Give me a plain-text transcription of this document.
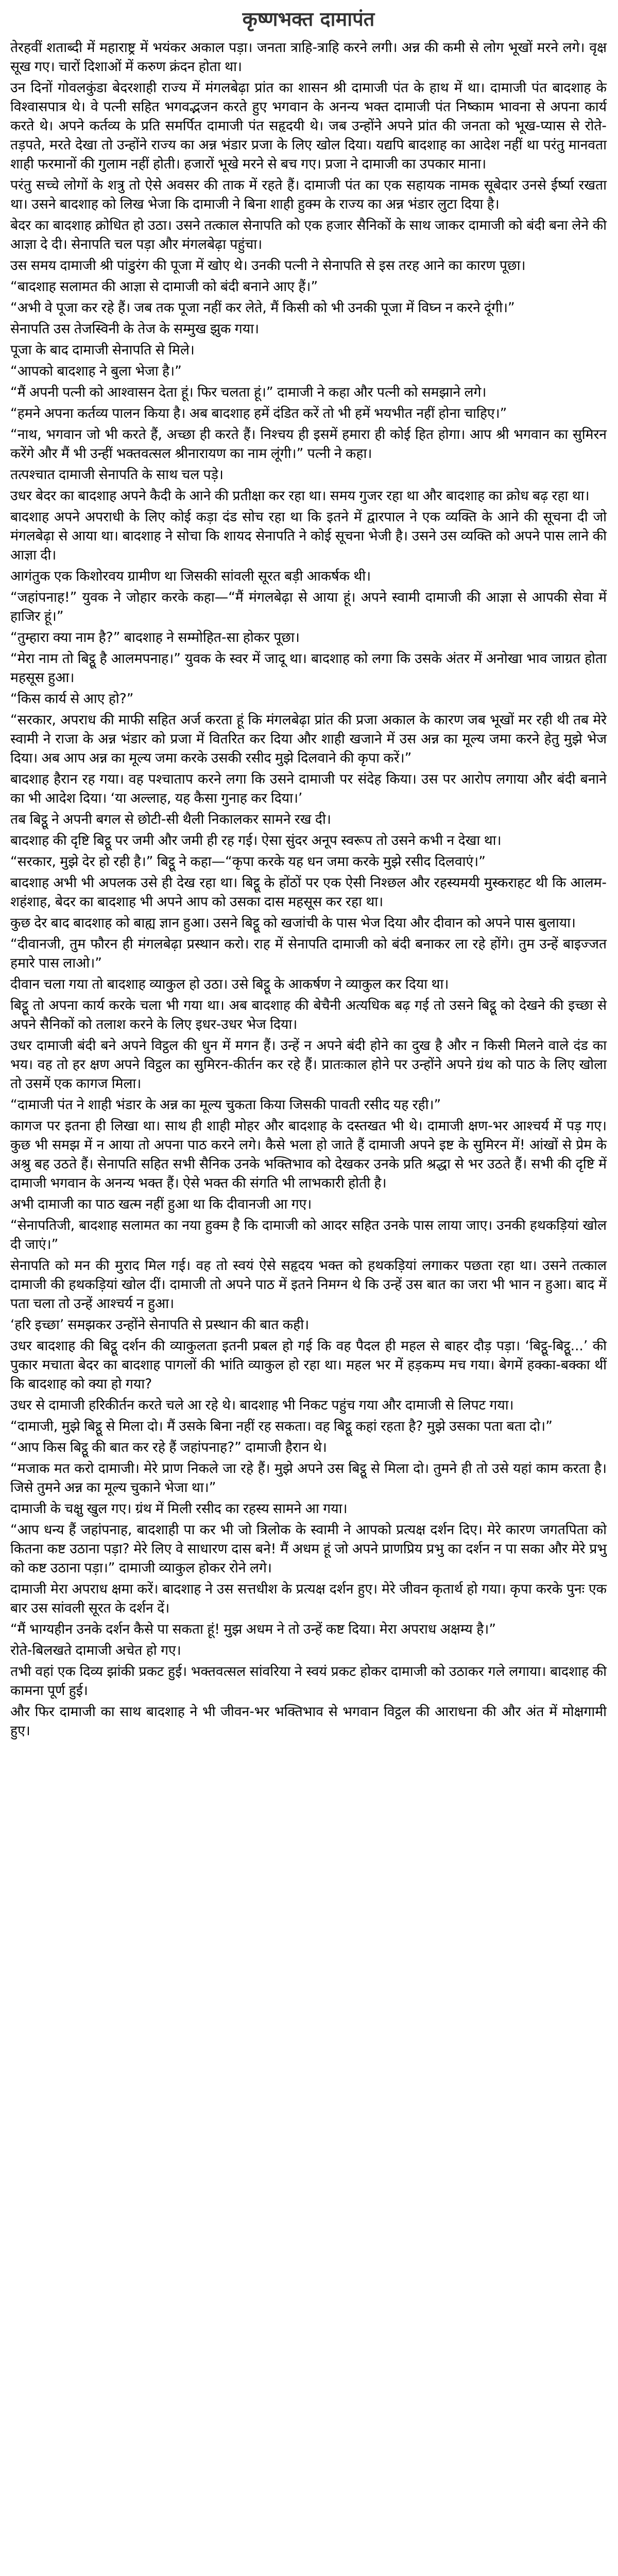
कृष्णभक्त दामापंत

तेरहवीं शताब्दी में महाराष्ट्र में भयंकर अकाल पड़ा। जनता त्राहि-त्राहि करने लगी। अन्न की कमी से लोग भूखों मरने लगे। वृक्ष सूख गए। चारों दिशाओं में करुण क्रंदन होता था।

उन दिनों गोवलकुंडा बेदरशाही राज्य में मंगलबेढ़ा प्रांत का शासन श्री दामाजी पंत के हाथ में था। दामाजी पंत बादशाह के विश्वासपात्र थे। वे पत्नी सहित भगवद्भजन करते हुए भगवान के अनन्य भक्त दामाजी पंत निष्काम भावना से अपना कार्य करते थे। अपने कर्तव्य के प्रति समर्पित दामाजी पंत सहृदयी थे। जब उन्होंने अपने प्रांत की जनता को भूख-प्यास से रोते-तड़पते, मरते देखा तो उन्होंने राज्य का अन्न भंडार प्रजा के लिए खोल दिया। यद्यपि बादशाह का आदेश नहीं था परंतु मानवता शाही फरमानों की गुलाम नहीं होती। हजारों भूखे मरने से बच गए। प्रजा ने दामाजी का उपकार माना।

परंतु सच्चे लोगों के शत्रु तो ऐसे अवसर की ताक में रहते हैं। दामाजी पंत का एक सहायक नामक सूबेदार उनसे ईर्ष्या रखता था। उसने बादशाह को लिख भेजा कि दामाजी ने बिना शाही हुक्म के राज्य का अन्न भंडार लुटा दिया है।

बेदर का बादशाह क्रोधित हो उठा। उसने तत्काल सेनापति को एक हजार सैनिकों के साथ जाकर दामाजी को बंदी बना लेने की आज्ञा दे दी। सेनापति चल पड़ा और मंगलबेढ़ा पहुंचा।

उस समय दामाजी श्री पांडुरंग की पूजा में खोए थे। उनकी पत्नी ने सेनापति से इस तरह आने का कारण पूछा।

“बादशाह सलामत की आज्ञा से दामाजी को बंदी बनाने आए हैं।”

“अभी वे पूजा कर रहे हैं। जब तक पूजा नहीं कर लेते, मैं किसी को भी उनकी पूजा में विघ्न न करने दूंगी।”

सेनापति उस तेजस्विनी के तेज के सम्मुख झुक गया।

पूजा के बाद दामाजी सेनापति से मिले।

“आपको बादशाह ने बुला भेजा है।”

“मैं अपनी पत्नी को आश्वासन देता हूं। फिर चलता हूं।” दामाजी ने कहा और पत्नी को समझाने लगे।

“हमने अपना कर्तव्य पालन किया है। अब बादशाह हमें दंडित करें तो भी हमें भयभीत नहीं होना चाहिए।”

“नाथ, भगवान जो भी करते हैं, अच्छा ही करते हैं। निश्चय ही इसमें हमारा ही कोई हित होगा। आप श्री भगवान का सुमिरन करेंगे और मैं भी उन्हीं भक्तवत्सल श्रीनारायण का नाम लूंगी।” पत्नी ने कहा।

तत्पश्चात दामाजी सेनापति के साथ चल पड़े।

उधर बेदर का बादशाह अपने कैदी के आने की प्रतीक्षा कर रहा था। समय गुजर रहा था और बादशाह का क्रोध बढ़ रहा था।

बादशाह अपने अपराधी के लिए कोई कड़ा दंड सोच रहा था कि इतने में द्वारपाल ने एक व्यक्ति के आने की सूचना दी जो मंगलबेढ़ा से आया था। बादशाह ने सोचा कि शायद सेनापति ने कोई सूचना भेजी है। उसने उस व्यक्ति को अपने पास लाने की आज्ञा दी।

आगंतुक एक किशोरवय ग्रामीण था जिसकी सांवली सूरत बड़ी आकर्षक थी।

“जहांपनाह!” युवक ने जोहार करके कहा—“मैं मंगलबेढ़ा से आया हूं। अपने स्वामी दामाजी की आज्ञा से आपकी सेवा में हाजिर हूं।”

“तुम्हारा क्या नाम है?” बादशाह ने सम्मोहित-सा होकर पूछा।

“मेरा नाम तो बिट्ठू है आलमपनाह।” युवक के स्वर में जादू था। बादशाह को लगा कि उसके अंतर में अनोखा भाव जाग्रत होता महसूस हुआ।

“किस कार्य से आए हो?”

“सरकार, अपराध की माफी सहित अर्ज करता हूं कि मंगलबेढ़ा प्रांत की प्रजा अकाल के कारण जब भूखों मर रही थी तब मेरे स्वामी ने राजा के अन्न भंडार को प्रजा में वितरित कर दिया और शाही खजाने में उस अन्न का मूल्य जमा करने हेतु मुझे भेज दिया। अब आप अन्न का मूल्य जमा करके उसकी रसीद मुझे दिलवाने की कृपा करें।”

बादशाह हैरान रह गया। वह पश्चाताप करने लगा कि उसने दामाजी पर संदेह किया। उस पर आरोप लगाया और बंदी बनाने का भी आदेश दिया। ‘या अल्लाह, यह कैसा गुनाह कर दिया।’

तब बिट्ठू ने अपनी बगल से छोटी-सी थैली निकालकर सामने रख दी।

बादशाह की दृष्टि बिट्ठू पर जमी और जमी ही रह गई। ऐसा सुंदर अनूप स्वरूप तो उसने कभी न देखा था।

“सरकार, मुझे देर हो रही है।” बिट्ठू ने कहा—“कृपा करके यह धन जमा करके मुझे रसीद दिलवाएं।”

बादशाह अभी भी अपलक उसे ही देख रहा था। बिट्ठू के होंठों पर एक ऐसी निश्छल और रहस्यमयी मुस्कराहट थी कि आलम-शहंशाह, बेदर का बादशाह भी अपने आप को उसका दास महसूस कर रहा था।

कुछ देर बाद बादशाह को बाह्य ज्ञान हुआ। उसने बिट्ठू को खजांची के पास भेज दिया और दीवान को अपने पास बुलाया।

“दीवानजी, तुम फौरन ही मंगलबेढ़ा प्रस्थान करो। राह में सेनापति दामाजी को बंदी बनाकर ला रहे होंगे। तुम उन्हें बाइज्जत हमारे पास लाओ।”

दीवान चला गया तो बादशाह व्याकुल हो उठा। उसे बिट्ठू के आकर्षण ने व्याकुल कर दिया था।

बिट्ठू तो अपना कार्य करके चला भी गया था। अब बादशाह की बेचैनी अत्यधिक बढ़ गई तो उसने बिट्ठू को देखने की इच्छा से अपने सैनिकों को तलाश करने के लिए इधर-उधर भेज दिया।

उधर दामाजी बंदी बने अपने विट्ठल की धुन में मगन हैं। उन्हें न अपने बंदी होने का दुख है और न किसी मिलने वाले दंड का भय। वह तो हर क्षण अपने विट्ठल का सुमिरन-कीर्तन कर रहे हैं। प्रातःकाल होने पर उन्होंने अपने ग्रंथ को पाठ के लिए खोला तो उसमें एक कागज मिला।

“दामाजी पंत ने शाही भंडार के अन्न का मूल्य चुकता किया जिसकी पावती रसीद यह रही।”

कागज पर इतना ही लिखा था। साथ ही शाही मोहर और बादशाह के दस्तखत भी थे। दामाजी क्षण-भर आश्चर्य में पड़ गए। कुछ भी समझ में न आया तो अपना पाठ करने लगे। कैसे भला हो जाते हैं दामाजी अपने इष्ट के सुमिरन में! आंखों से प्रेम के अश्रु बह उठते हैं। सेनापति सहित सभी सैनिक उनके भक्तिभाव को देखकर उनके प्रति श्रद्धा से भर उठते हैं। सभी की दृष्टि में दामाजी भगवान के अनन्य भक्त हैं। ऐसे भक्त की संगति भी लाभकारी होती है।

अभी दामाजी का पाठ खत्म नहीं हुआ था कि दीवानजी आ गए।

“सेनापतिजी, बादशाह सलामत का नया हुक्म है कि दामाजी को आदर सहित उनके पास लाया जाए। उनकी हथकड़ियां खोल दी जाएं।”

सेनापति को मन की मुराद मिल गई। वह तो स्वयं ऐसे सहृदय भक्त को हथकड़ियां लगाकर पछता रहा था। उसने तत्काल दामाजी की हथकड़ियां खोल दीं। दामाजी तो अपने पाठ में इतने निमग्न थे कि उन्हें उस बात का जरा भी भान न हुआ। बाद में पता चला तो उन्हें आश्चर्य न हुआ।

‘हरि इच्छा’ समझकर उन्होंने सेनापति से प्रस्थान की बात कही।

उधर बादशाह की बिट्ठू दर्शन की व्याकुलता इतनी प्रबल हो गई कि वह पैदल ही महल से बाहर दौड़ पड़ा। ‘बिट्ठू-बिट्ठू...’ की पुकार मचाता बेदर का बादशाह पागलों की भांति व्याकुल हो रहा था। महल भर में हड़कम्प मच गया। बेगमें हक्का-बक्का थीं कि बादशाह को क्या हो गया?

उधर से दामाजी हरिकीर्तन करते चले आ रहे थे। बादशाह भी निकट पहुंच गया और दामाजी से लिपट गया।

“दामाजी, मुझे बिट्ठू से मिला दो। मैं उसके बिना नहीं रह सकता। वह बिट्ठू कहां रहता है? मुझे उसका पता बता दो।”

“आप किस बिट्ठू की बात कर रहे हैं जहांपनाह?” दामाजी हैरान थे।

“मजाक मत करो दामाजी। मेरे प्राण निकले जा रहे हैं। मुझे अपने उस बिट्ठू से मिला दो। तुमने ही तो उसे यहां काम करता है। जिसे तुमने अन्न का मूल्य चुकाने भेजा था।”

दामाजी के चक्षु खुल गए। ग्रंथ में मिली रसीद का रहस्य सामने आ गया।

“आप धन्य हैं जहांपनाह, बादशाही पा कर भी जो त्रिलोक के स्वामी ने आपको प्रत्यक्ष दर्शन दिए। मेरे कारण जगतपिता को कितना कष्ट उठाना पड़ा? मेरे लिए वे साधारण दास बने! मैं अधम हूं जो अपने प्राणप्रिय प्रभु का दर्शन न पा सका और मेरे प्रभु को कष्ट उठाना पड़ा।” दामाजी व्याकुल होकर रोने लगे।

दामाजी मेरा अपराध क्षमा करें। बादशाह ने उस सत्तधीश के प्रत्यक्ष दर्शन हुए। मेरे जीवन कृतार्थ हो गया। कृपा करके पुनः एक बार उस सांवली सूरत के दर्शन दें।

“मैं भाग्यहीन उनके दर्शन कैसे पा सकता हूं! मुझ अधम ने तो उन्हें कष्ट दिया। मेरा अपराध अक्षम्य है।”

रोते-बिलखते दामाजी अचेत हो गए।

तभी वहां एक दिव्य झांकी प्रकट हुई। भक्तवत्सल सांवरिया ने स्वयं प्रकट होकर दामाजी को उठाकर गले लगाया। बादशाह की कामना पूर्ण हुई।

और फिर दामाजी का साथ बादशाह ने भी जीवन-भर भक्तिभाव से भगवान विट्ठल की आराधना की और अंत में मोक्षगामी हुए।
